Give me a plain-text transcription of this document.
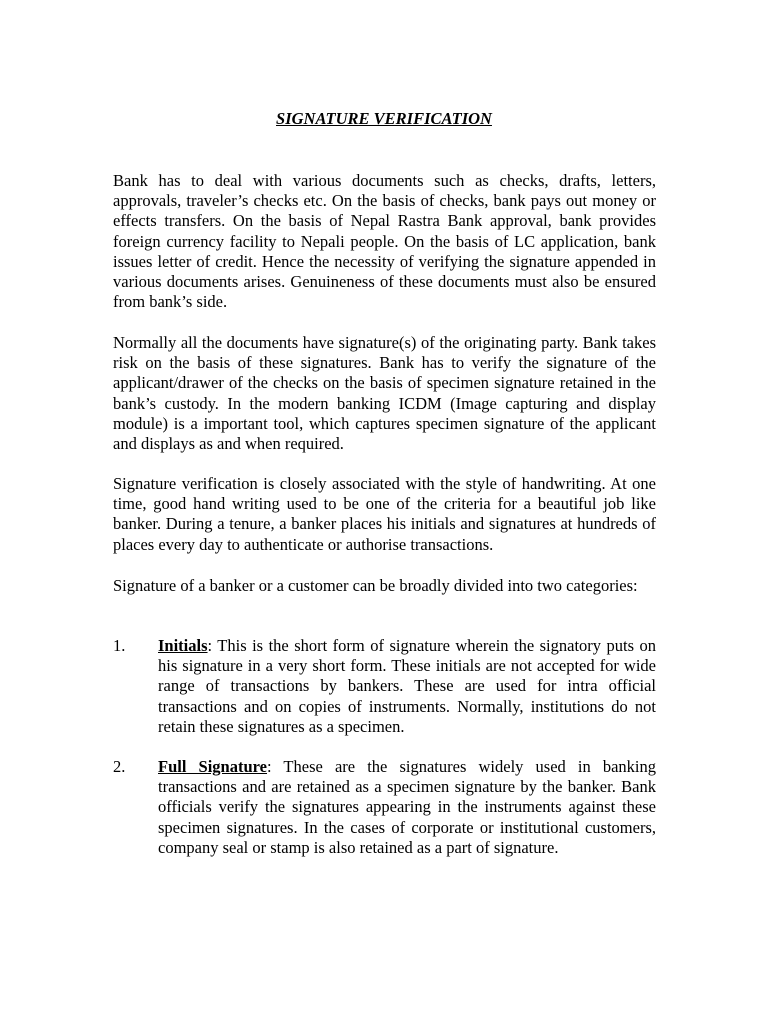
SIGNATURE VERIFICATION

Bank has to deal with various documents such as checks, drafts, letters, approvals, traveler’s checks etc. On the basis of checks, bank pays out money or effects transfers. On the basis of Nepal Rastra Bank approval, bank provides foreign currency facility to Nepali people. On the basis of LC application, bank issues letter of credit. Hence the necessity of verifying the signature appended in various documents arises. Genuineness of these documents must also be ensured from bank’s side.

Normally all the documents have signature(s) of the originating party. Bank takes risk on the basis of these signatures. Bank has to verify the signature of the applicant/drawer of the checks on the basis of specimen signature retained in the bank’s custody. In the modern banking ICDM (Image capturing and display module) is a important tool, which captures specimen signature of the applicant and displays as and when required.

Signature verification is closely associated with the style of handwriting. At one time, good hand writing used to be one of the criteria for a beautiful job like banker. During a tenure, a banker places his initials and signatures at hundreds of places every day to authenticate or authorise transactions.

Signature of a banker or a customer can be broadly divided into two categories:

1.	Initials: This is the short form of signature wherein the signatory puts on his signature in a very short form. These initials are not accepted for wide range of transactions by bankers. These are used for intra official transactions and on copies of instruments. Normally, institutions do not retain these signatures as a specimen.
2.	Full Signature: These are the signatures widely used in banking transactions and are retained as a specimen signature by the banker. Bank officials verify the signatures appearing in the instruments against these specimen signatures. In the cases of corporate or institutional customers, company seal or stamp is also retained as a part of signature.
